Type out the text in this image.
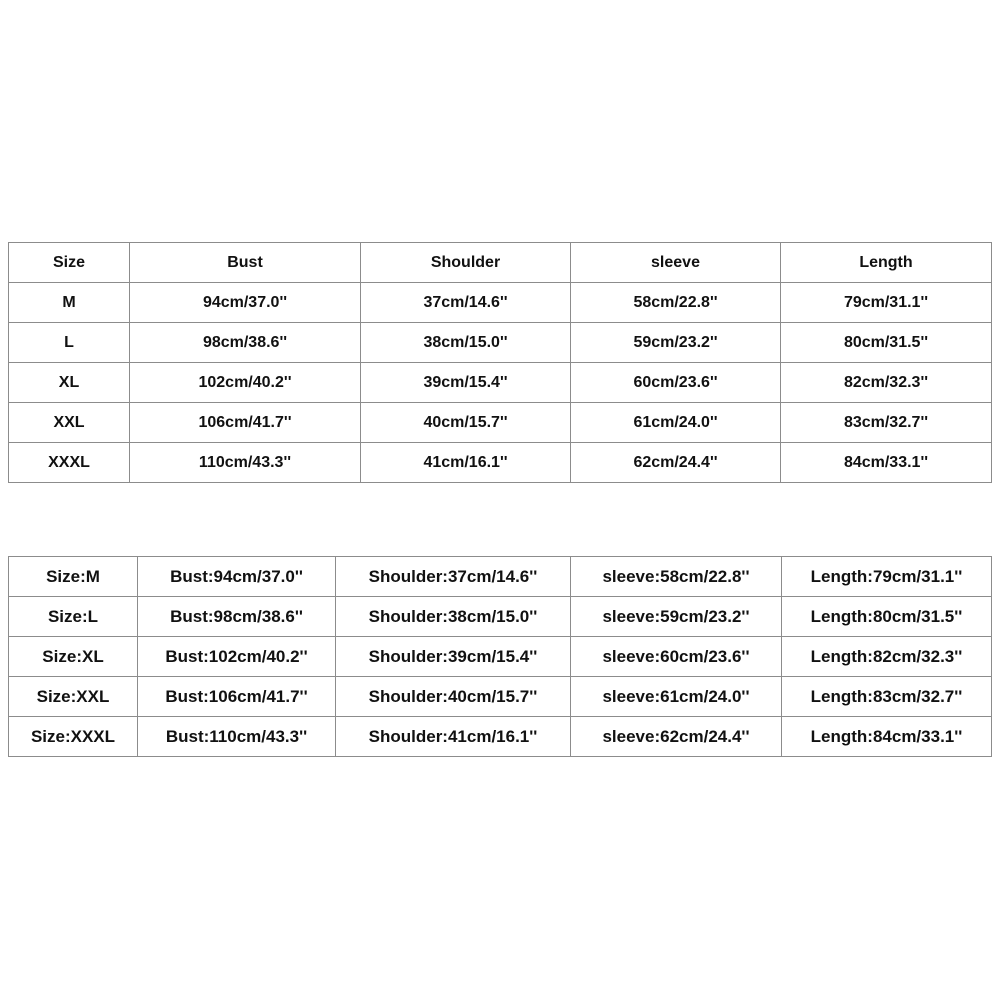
Size	Bust	Shoulder	sleeve	Length
M	94cm/37.0''	37cm/14.6''	58cm/22.8''	79cm/31.1''
L	98cm/38.6''	38cm/15.0''	59cm/23.2''	80cm/31.5''
XL	102cm/40.2''	39cm/15.4''	60cm/23.6''	82cm/32.3''
XXL	106cm/41.7''	40cm/15.7''	61cm/24.0''	83cm/32.7''
XXXL	110cm/43.3''	41cm/16.1''	62cm/24.4''	84cm/33.1''
Size:M	Bust:94cm/37.0''	Shoulder:37cm/14.6''	sleeve:58cm/22.8''	Length:79cm/31.1''
Size:L	Bust:98cm/38.6''	Shoulder:38cm/15.0''	sleeve:59cm/23.2''	Length:80cm/31.5''
Size:XL	Bust:102cm/40.2''	Shoulder:39cm/15.4''	sleeve:60cm/23.6''	Length:82cm/32.3''
Size:XXL	Bust:106cm/41.7''	Shoulder:40cm/15.7''	sleeve:61cm/24.0''	Length:83cm/32.7''
Size:XXXL	Bust:110cm/43.3''	Shoulder:41cm/16.1''	sleeve:62cm/24.4''	Length:84cm/33.1''
